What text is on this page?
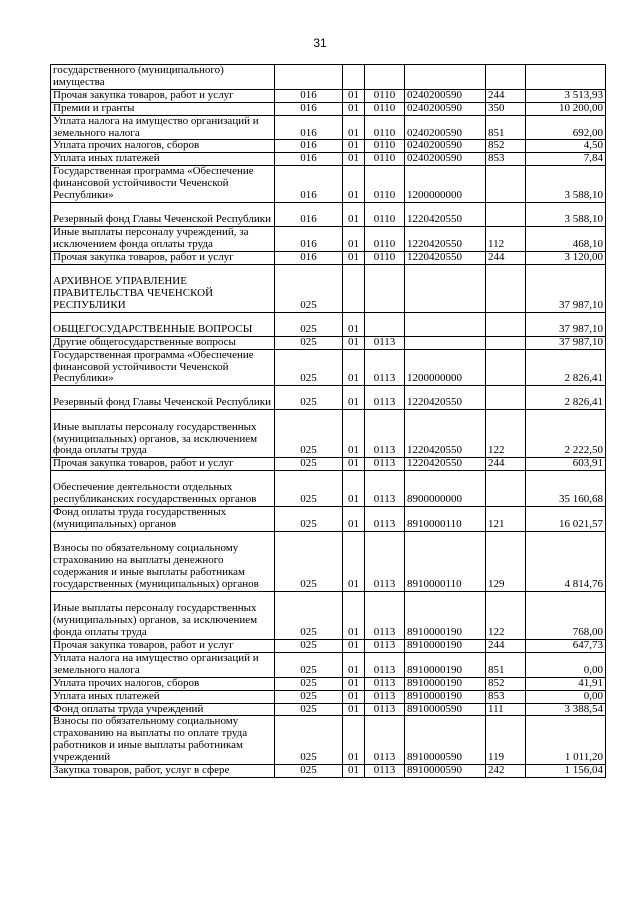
31
государственного (муниципального) имущества						
Прочая закупка товаров, работ и услуг	016	01	0110	0240200590	244	3 513,93
Премии и гранты	016	01	0110	0240200590	350	10 200,00
Уплата налога на имущество организаций и земельного налога	016	01	0110	0240200590	851	692,00
Уплата прочих налогов, сборов	016	01	0110	0240200590	852	4,50
Уплата иных платежей	016	01	0110	0240200590	853	7,84
Государственная программа «Обеспечение финансовой устойчивости Чеченской Республики»	016	01	0110	1200000000		3 588,10
Резервный фонд Главы Чеченской Республики	016	01	0110	1220420550		3 588,10
Иные выплаты персоналу учреждений, за исключением фонда оплаты труда	016	01	0110	1220420550	112	468,10
Прочая закупка товаров, работ и услуг	016	01	0110	1220420550	244	3 120,00
АРХИВНОЕ УПРАВЛЕНИЕ ПРАВИТЕЛЬСТВА ЧЕЧЕНСКОЙ РЕСПУБЛИКИ	025					37 987,10
ОБЩЕГОСУДАРСТВЕННЫЕ ВОПРОСЫ	025	01				37 987,10
Другие общегосударственные вопросы	025	01	0113			37 987,10
Государственная программа «Обеспечение финансовой устойчивости Чеченской Республики»	025	01	0113	1200000000		2 826,41
Резервный фонд Главы Чеченской Республики	025	01	0113	1220420550		2 826,41
Иные выплаты персоналу государственных (муниципальных) органов, за исключением фонда оплаты труда	025	01	0113	1220420550	122	2 222,50
Прочая закупка товаров, работ и услуг	025	01	0113	1220420550	244	603,91
Обеспечение деятельности отдельных республиканских государственных органов	025	01	0113	8900000000		35 160,68
Фонд оплаты труда государственных (муниципальных) органов	025	01	0113	8910000110	121	16 021,57
Взносы по обязательному социальному страхованию на выплаты денежного содержания и иные выплаты работникам государственных (муниципальных) органов	025	01	0113	8910000110	129	4 814,76
Иные выплаты персоналу государственных (муниципальных) органов, за исключением фонда оплаты труда	025	01	0113	8910000190	122	768,00
Прочая закупка товаров, работ и услуг	025	01	0113	8910000190	244	647,73
Уплата налога на имущество организаций и земельного налога	025	01	0113	8910000190	851	0,00
Уплата прочих налогов, сборов	025	01	0113	8910000190	852	41,91
Уплата иных платежей	025	01	0113	8910000190	853	0,00
Фонд оплаты труда учреждений	025	01	0113	8910000590	111	3 388,54
Взносы по обязательному социальному страхованию на выплаты по оплате труда работников и иные выплаты работникам учреждений	025	01	0113	8910000590	119	1 011,20
Закупка товаров, работ, услуг в сфере	025	01	0113	8910000590	242	1 156,04
